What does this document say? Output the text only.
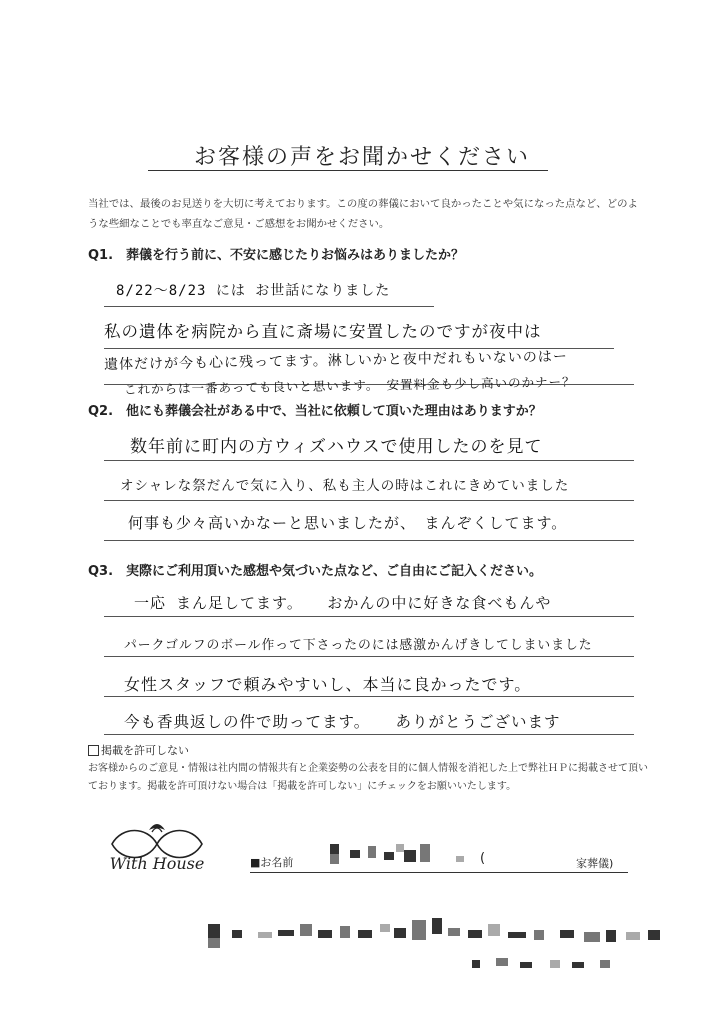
お客様の声をお聞かせください
当社では、最後のお見送りを大切に考えております。この度の葬儀において良かったことや気になった点など、どのような些細なことでも率直なご意見・ご感想をお聞かせください。
Q1.　葬儀を行う前に、不安に感じたりお悩みはありましたか？
8/22〜8/23 には お世話になりました
私の遺体を病院から直に斎場に安置したのですが夜中は
遺体だけが今も心に残ってます。淋しいかと夜中だれもいないのはー
これからは一番あっても良いと思います。　安置料金も少し高いのかナー？
Q2.　他にも葬儀会社がある中で、当社に依頼して頂いた理由はありますか？
数年前に町内の方ウィズハウスで使用したのを見て
オシャレな祭だんで気に入り、私も主人の時はこれにきめていました
何事も少々高いかなーと思いましたが、　まんぞくしてます。
Q3.　実際にご利用頂いた感想や気づいた点など、ご自由にご記入ください。
一応 まん足してます。　　おかんの中に好きな食べもんや
パークゴルフのボール作って下さったのには感激かんげきしてしまいました
女性スタッフで頼みやすいし、本当に良かったです。
今も香典返しの件で助ってます。　　ありがとうございます
掲載を許可しない
お客様からのご意見・情報は社内間の情報共有と企業姿勢の公表を目的に個人情報を消祀した上で弊社ＨＰに掲載させて頂いております。掲載を許可頂けない場合は「掲載を許可しない」にチェックをお願いいたします。
With House	■お名前	(	家葬儀)
